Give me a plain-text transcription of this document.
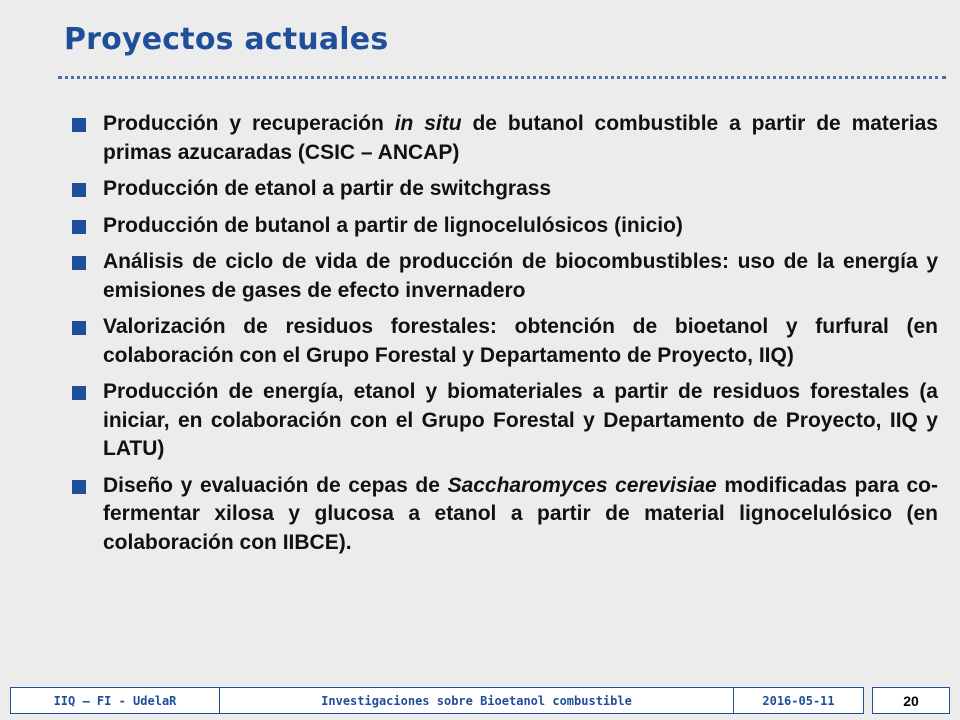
Proyectos actuales
Producción y recuperación in situ de butanol combustible a partir de materias primas azucaradas (CSIC – ANCAP)
Producción de etanol a partir de switchgrass
Producción de butanol a partir de lignocelulósicos (inicio)
Análisis de ciclo de vida de producción de biocombustibles: uso de la energía y emisiones de gases de efecto invernadero
Valorización de residuos forestales: obtención de bioetanol y furfural (en colaboración con el Grupo Forestal y Departamento de Proyecto, IIQ)
Producción de energía, etanol y biomateriales a partir de residuos forestales (a iniciar, en colaboración con el Grupo Forestal y Departamento de Proyecto, IIQ y LATU)
Diseño y evaluación de cepas de Saccharomyces cerevisiae modificadas para co-fermentar xilosa y glucosa a etanol a partir de material lignocelulósico (en colaboración con IIBCE).
IIQ – FI - UdelaR	Investigaciones sobre Bioetanol combustible	2016-05-11	20
